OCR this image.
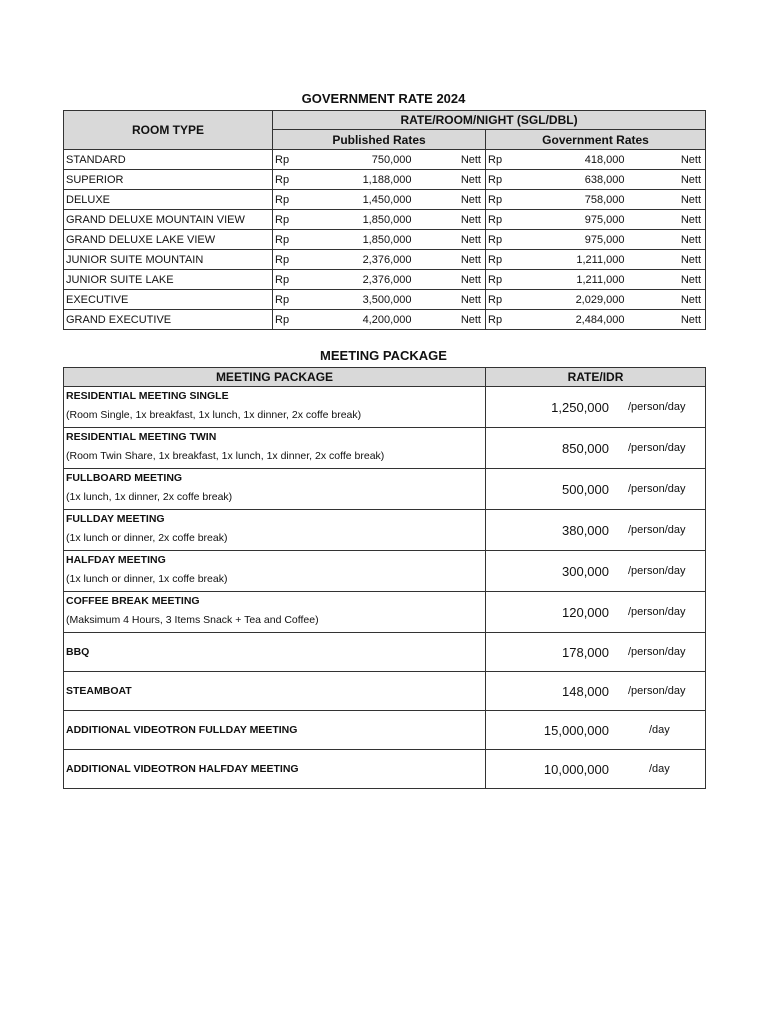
GOVERNMENT RATE 2024
ROOM TYPE	RATE/ROOM/NIGHT (SGL/DBL)					
	Published Rates			Government Rates		
STANDARD	Rp	750,000	Nett	Rp	418,000	Nett
SUPERIOR	Rp	1,188,000	Nett	Rp	638,000	Nett
DELUXE	Rp	1,450,000	Nett	Rp	758,000	Nett
GRAND DELUXE MOUNTAIN VIEW	Rp	1,850,000	Nett	Rp	975,000	Nett
GRAND DELUXE LAKE VIEW	Rp	1,850,000	Nett	Rp	975,000	Nett
JUNIOR SUITE MOUNTAIN	Rp	2,376,000	Nett	Rp	1,211,000	Nett
JUNIOR SUITE LAKE	Rp	2,376,000	Nett	Rp	1,211,000	Nett
EXECUTIVE	Rp	3,500,000	Nett	Rp	2,029,000	Nett
GRAND EXECUTIVE	Rp	4,200,000	Nett	Rp	2,484,000	Nett
MEETING PACKAGE
MEETING PACKAGE	RATE/IDR

RESIDENTIAL MEETING SINGLE
(Room Single, 1x breakfast, 1x lunch, 1x dinner, 2x coffe break)	1,250,000 /person/day

RESIDENTIAL MEETING TWIN
(Room Twin Share, 1x breakfast, 1x lunch, 1x dinner, 2x coffe break)	850,000 /person/day

FULLBOARD MEETING
(1x lunch, 1x dinner, 2x coffe break)	500,000 /person/day

FULLDAY MEETING
(1x lunch or dinner, 2x coffe break)	380,000 /person/day

HALFDAY MEETING
(1x lunch or dinner, 1x coffe break)	300,000 /person/day

COFFEE BREAK MEETING
(Maksimum 4 Hours, 3 Items Snack + Tea and Coffee)	120,000 /person/day

BBQ	178,000 /person/day

STEAMBOAT	148,000 /person/day

ADDITIONAL VIDEOTRON FULLDAY MEETING	15,000,000 /day

ADDITIONAL VIDEOTRON HALFDAY MEETING	10,000,000 /day
